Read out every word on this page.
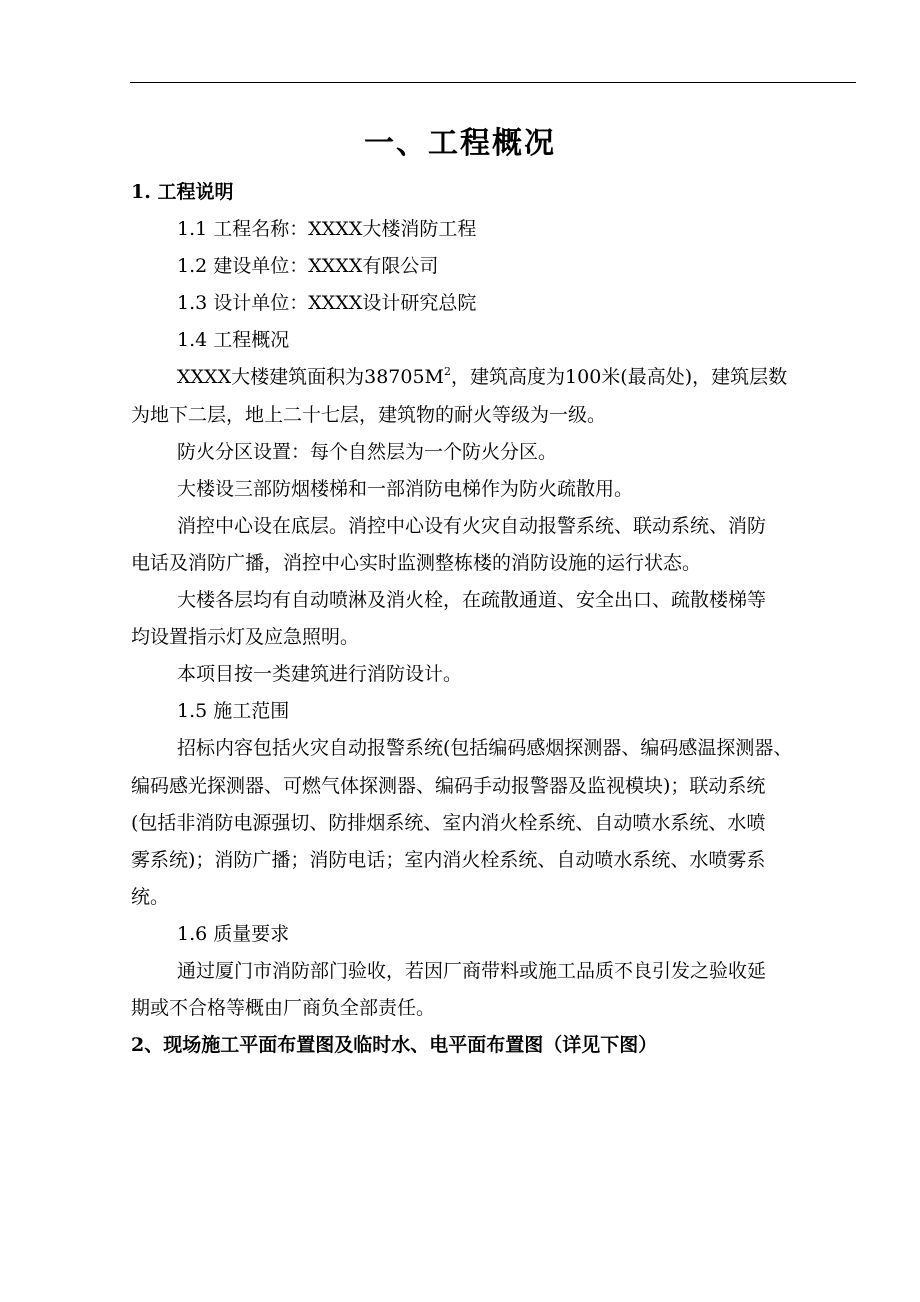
一、工程概况
1. 工程说明
1.1 工程名称：XXXX大楼消防工程
1.2 建设单位：XXXX有限公司
1.3 设计单位：XXXX设计研究总院
1.4 工程概况
XXXX大楼建筑面积为$38705M^2$，建筑高度为100米(最高处)，建筑层数
为地下二层，地上二十七层，建筑物的耐火等级为一级。
防火分区设置：每个自然层为一个防火分区。
大楼设三部防烟楼梯和一部消防电梯作为防火疏散用。
消控中心设在底层。消控中心设有火灾自动报警系统、联动系统、消防
电话及消防广播，消控中心实时监测整栋楼的消防设施的运行状态。
大楼各层均有自动喷淋及消火栓，在疏散通道、安全出口、疏散楼梯等
均设置指示灯及应急照明。
本项目按一类建筑进行消防设计。
1.5 施工范围
招标内容包括火灾自动报警系统(包括编码感烟探测器、编码感温探测器、
编码感光探测器、可燃气体探测器、编码手动报警器及监视模块)；联动系统
(包括非消防电源强切、防排烟系统、室内消火栓系统、自动喷水系统、水喷
雾系统)；消防广播；消防电话；室内消火栓系统、自动喷水系统、水喷雾系
统。
1.6 质量要求
通过厦门市消防部门验收，若因厂商带料或施工品质不良引发之验收延
期或不合格等概由厂商负全部责任。
2、现场施工平面布置图及临时水、电平面布置图（详见下图）
